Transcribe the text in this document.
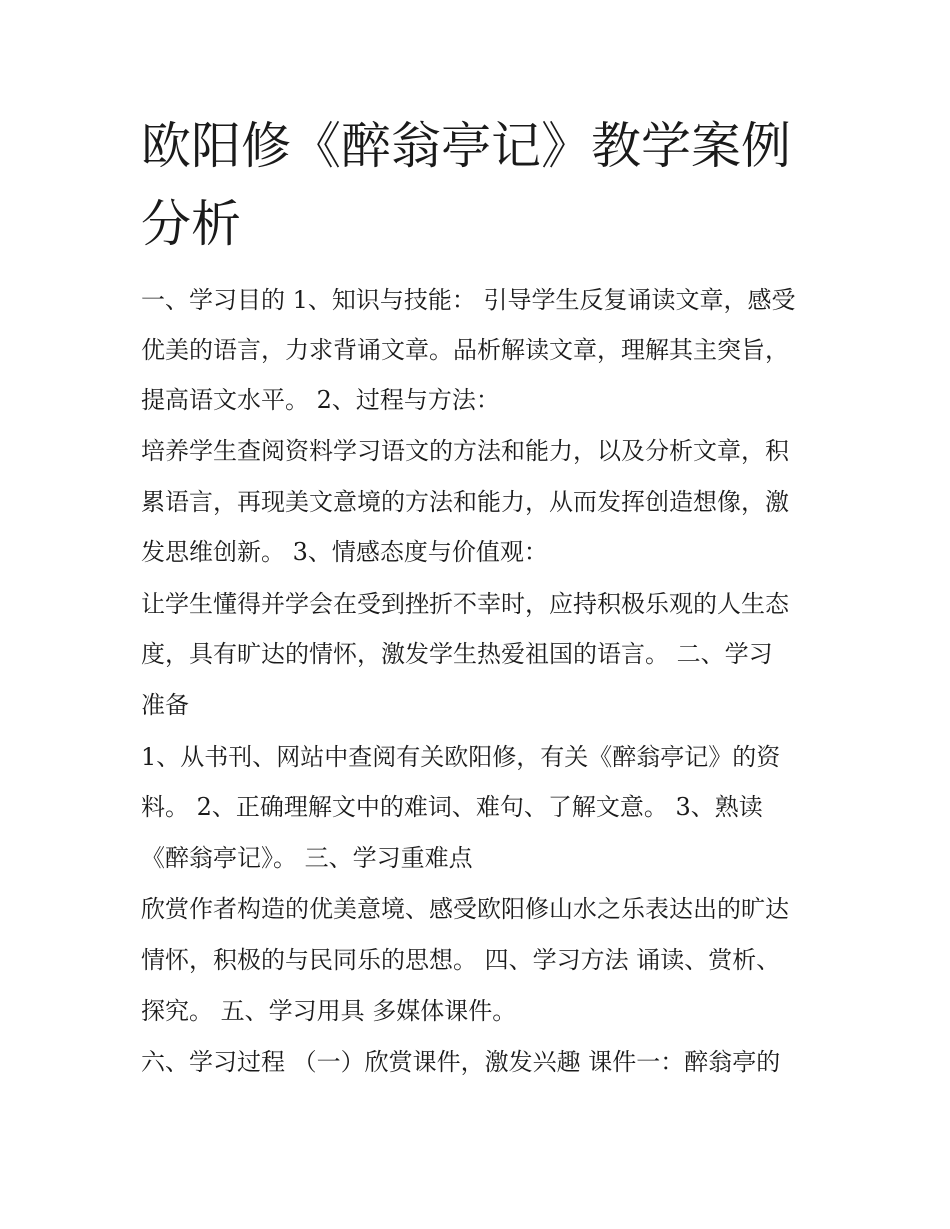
欧阳修《醉翁亭记》教学案例
分析

一、学习目的 1、知识与技能： 引导学生反复诵读文章，感受

优美的语言，力求背诵文章。品析解读文章，理解其主突旨，

提高语文水平。 2、过程与方法：

培养学生查阅资料学习语文的方法和能力，以及分析文章，积

累语言，再现美文意境的方法和能力，从而发挥创造想像，激

发思维创新。 3、情感态度与价值观：

让学生懂得并学会在受到挫折不幸时，应持积极乐观的人生态

度，具有旷达的情怀，激发学生热爱祖国的语言。 二、学习

准备

1、从书刊、网站中查阅有关欧阳修，有关《醉翁亭记》的资

料。 2、正确理解文中的难词、难句、了解文意。 3、熟读

《醉翁亭记》。 三、学习重难点

欣赏作者构造的优美意境、感受欧阳修山水之乐表达出的旷达

情怀，积极的与民同乐的思想。 四、学习方法 诵读、赏析、

探究。 五、学习用具 多媒体课件。

六、学习过程 （一）欣赏课件，激发兴趣 课件一：醉翁亭的
